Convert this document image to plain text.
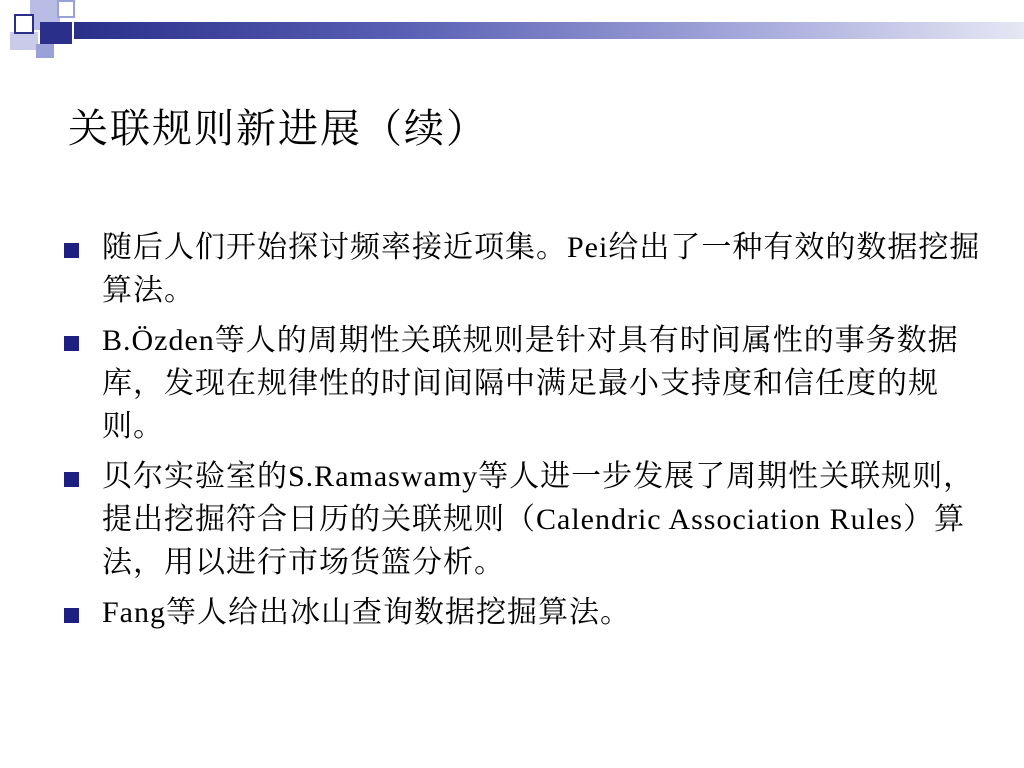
关联规则新进展（续）
随后人们开始探讨频率接近项集。Pei给出了一种有效的数据挖掘算法。
B.Özden等人的周期性关联规则是针对具有时间属性的事务数据库，发现在规律性的时间间隔中满足最小支持度和信任度的规则。
贝尔实验室的S.Ramaswamy等人进一步发展了周期性关联规则，提出挖掘符合日历的关联规则（Calendric Association Rules）算法，用以进行市场货篮分析。
Fang等人给出冰山查询数据挖掘算法。
